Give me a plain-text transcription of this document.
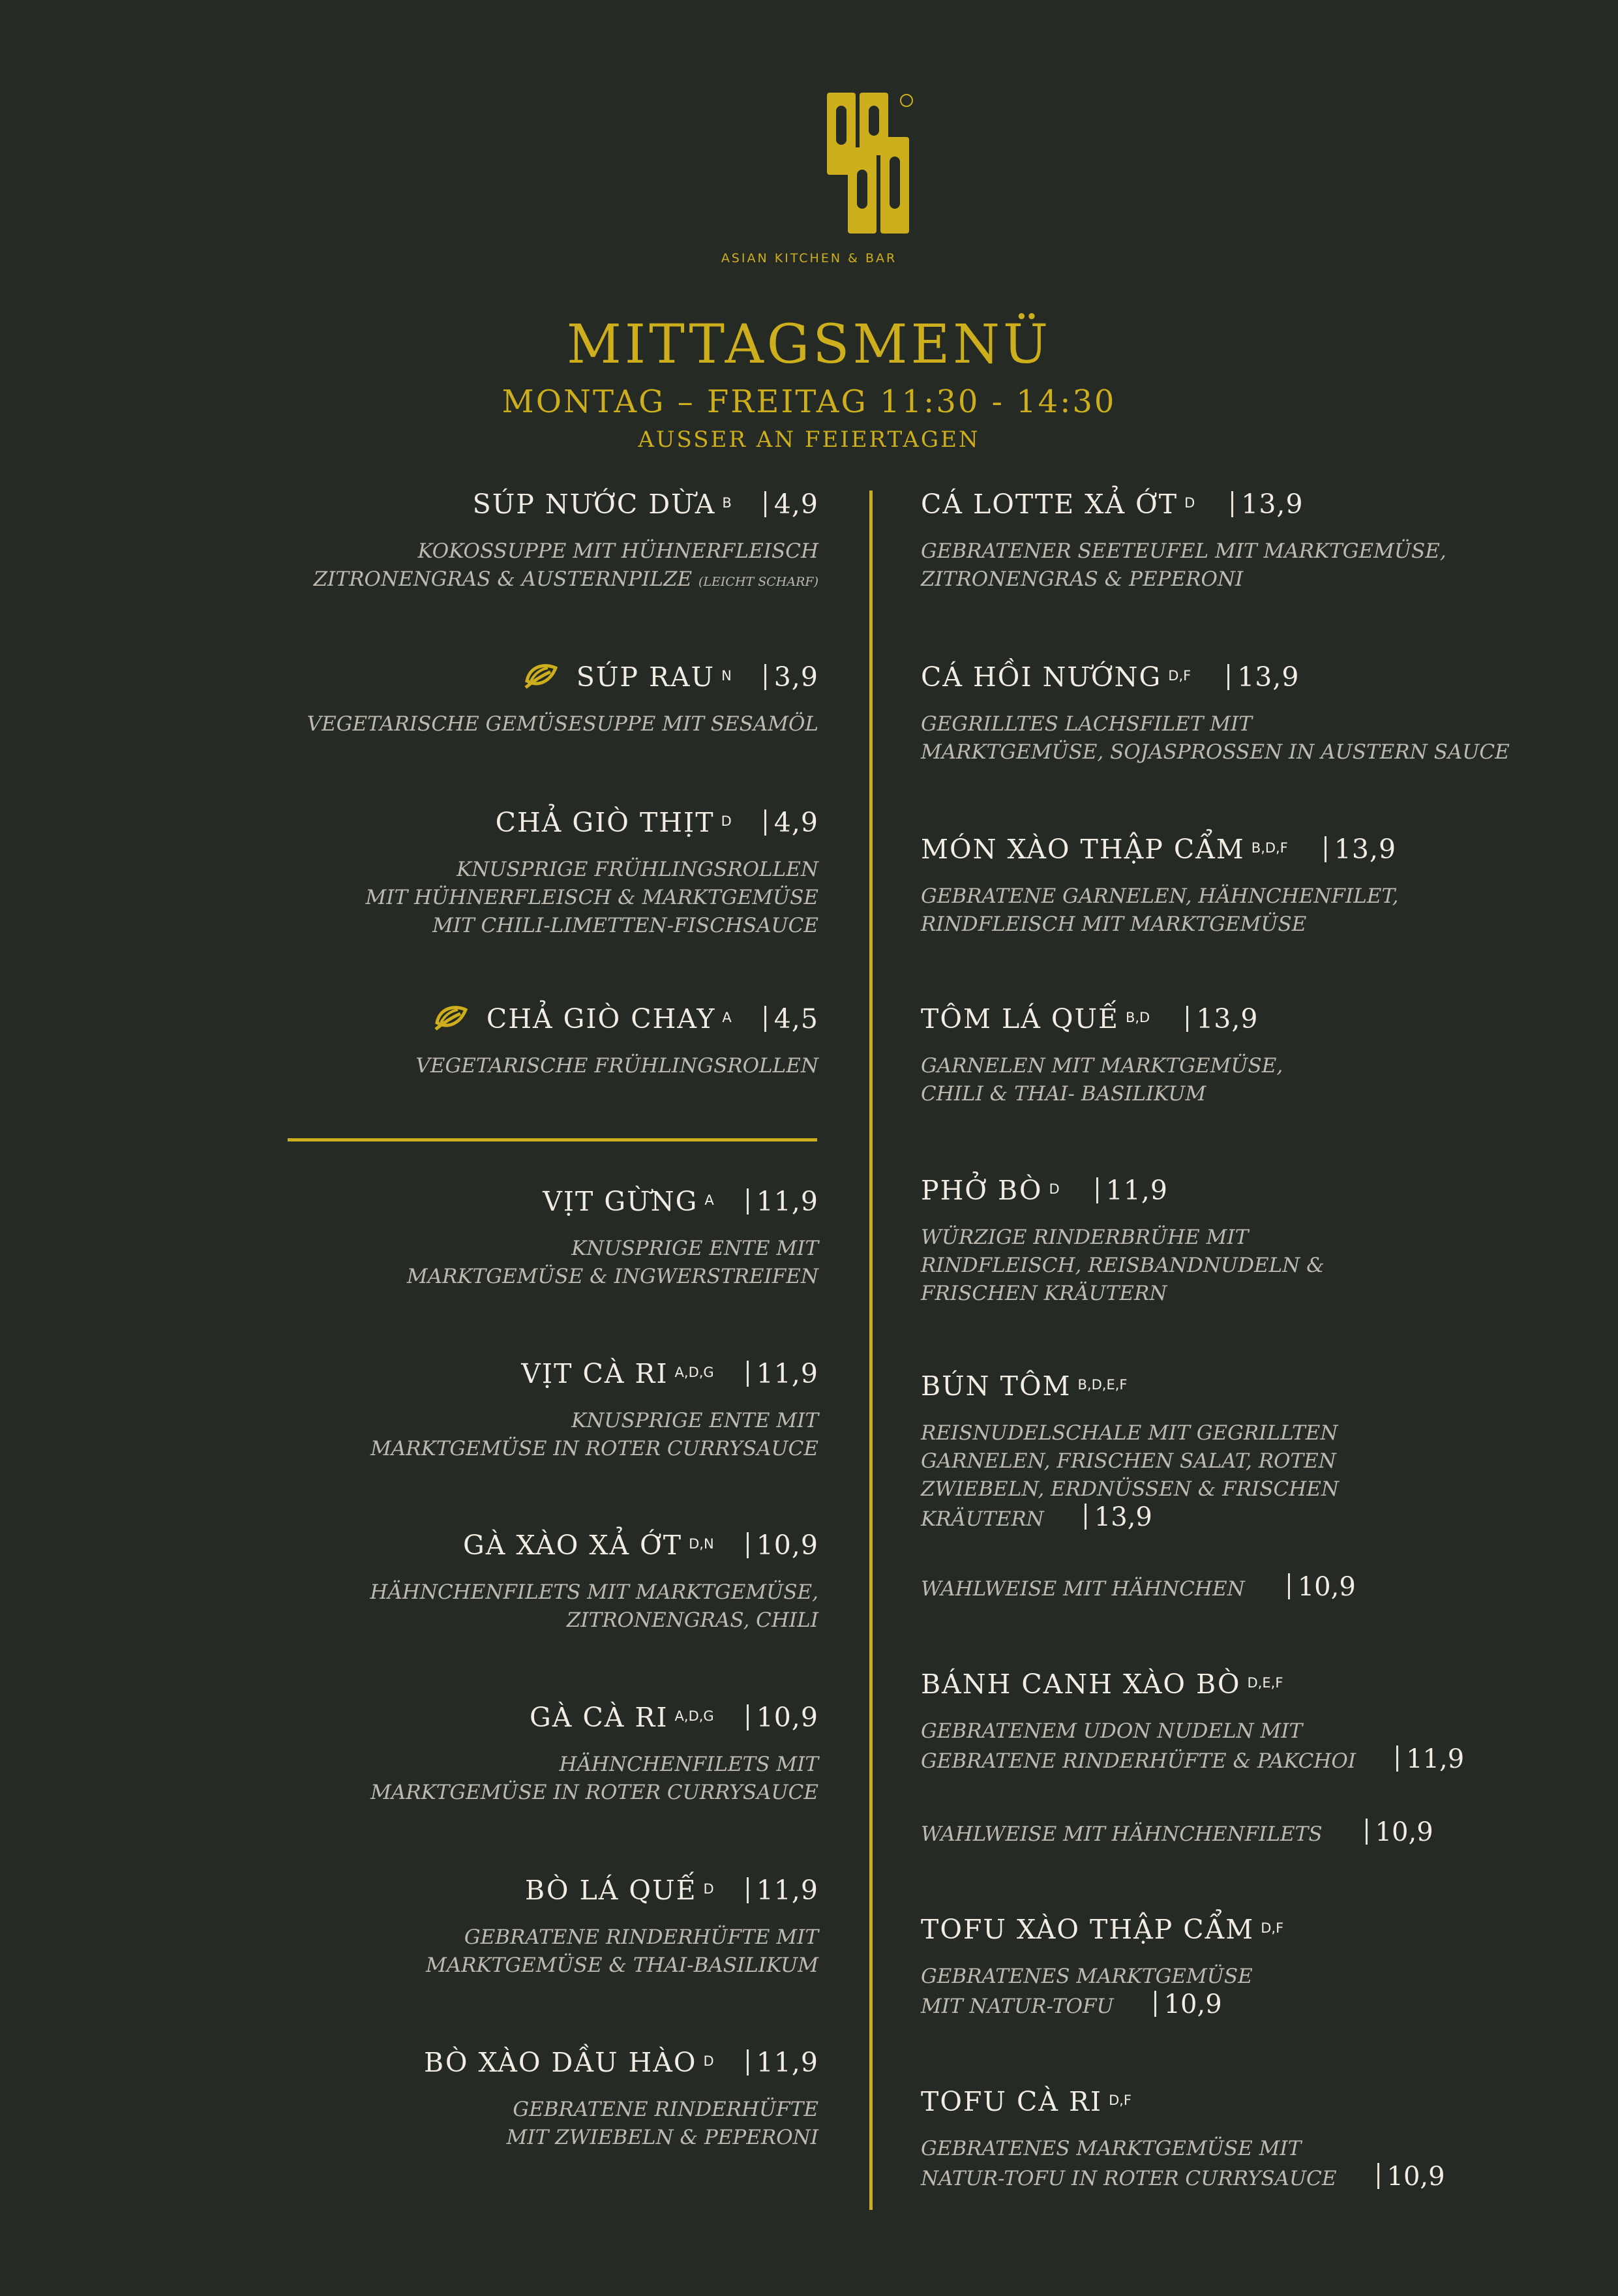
ASIAN KITCHEN & BAR
MITTAGSMENÜ
MONTAG – FREITAG 11:30 - 14:30
AUSSER AN FEIERTAGEN
SÚP NƯỚC DỪA $^B$ 4,9
KOKOSSUPPE MIT HÜHNERFLEISCH
ZITRONENGRAS & AUSTERNPILZE (LEICHT SCHARF)
SÚP RAU $^N$ 3,9
VEGETARISCHE GEMÜSESUPPE MIT SESAMÖL
CHẢ GIÒ THỊT $^D$ 4,9
KNUSPRIGE FRÜHLINGSROLLEN
MIT HÜHNERFLEISCH & MARKTGEMÜSE
MIT CHILI-LIMETTEN-FISCHSAUCE
CHẢ GIÒ CHAY $^A$ 4,5
VEGETARISCHE FRÜHLINGSROLLEN
VỊT GỪNG $^A$ 11,9
KNUSPRIGE ENTE MIT
MARKTGEMÜSE & INGWERSTREIFEN
VỊT CÀ RI $^{A,D,G}$ 11,9
KNUSPRIGE ENTE MIT
MARKTGEMÜSE IN ROTER CURRYSAUCE
GÀ XÀO XẢ ỚT $^{D,N}$ 10,9
HÄHNCHENFILETS MIT MARKTGEMÜSE,
ZITRONENGRAS, CHILI
GÀ CÀ RI $^{A,D,G}$ 10,9
HÄHNCHENFILETS MIT
MARKTGEMÜSE IN ROTER CURRYSAUCE
BÒ LÁ QUẾ $^D$ 11,9
GEBRATENE RINDERHÜFTE MIT
MARKTGEMÜSE & THAI-BASILIKUM
BÒ XÀO DẦU HÀO $^D$ 11,9
GEBRATENE RINDERHÜFTE
MIT ZWIEBELN & PEPERONI
CÁ LOTTE XẢ ỚT $^D$ 13,9
GEBRATENER SEETEUFEL MIT MARKTGEMÜSE,
ZITRONENGRAS & PEPERONI
CÁ HỒI NƯỚNG $^{D,F}$ 13,9
GEGRILLTES LACHSFILET MIT
MARKTGEMÜSE, SOJASPROSSEN IN AUSTERN SAUCE
MÓN XÀO THẬP CẨM $^{B,D,F}$ 13,9
GEBRATENE GARNELEN, HÄHNCHENFILET,
RINDFLEISCH MIT MARKTGEMÜSE
TÔM LÁ QUẾ $^{B,D}$ 13,9
GARNELEN MIT MARKTGEMÜSE,
CHILI & THAI- BASILIKUM
PHỞ BÒ $^D$ 11,9
WÜRZIGE RINDERBRÜHE MIT
RINDFLEISCH, REISBANDNUDELN &
FRISCHEN KRÄUTERN
BÚN TÔM $^{B,D,E,F}$
REISNUDELSCHALE MIT GEGRILLTEN
GARNELEN, FRISCHEN SALAT, ROTEN
ZWIEBELN, ERDNÜSSEN & FRISCHEN
KRÄUTERN 13,9
WAHLWEISE MIT HÄHNCHEN 10,9
BÁNH CANH XÀO BÒ $^{D,E,F}$
GEBRATENEM UDON NUDELN MIT
GEBRATENE RINDERHÜFTE & PAKCHOI 11,9
WAHLWEISE MIT HÄHNCHENFILETS 10,9
TOFU XÀO THẬP CẨM $^{D,F}$
GEBRATENES MARKTGEMÜSE
MIT NATUR-TOFU 10,9
TOFU CÀ RI $^{D,F}$
GEBRATENES MARKTGEMÜSE MIT
NATUR-TOFU IN ROTER CURRYSAUCE 10,9
